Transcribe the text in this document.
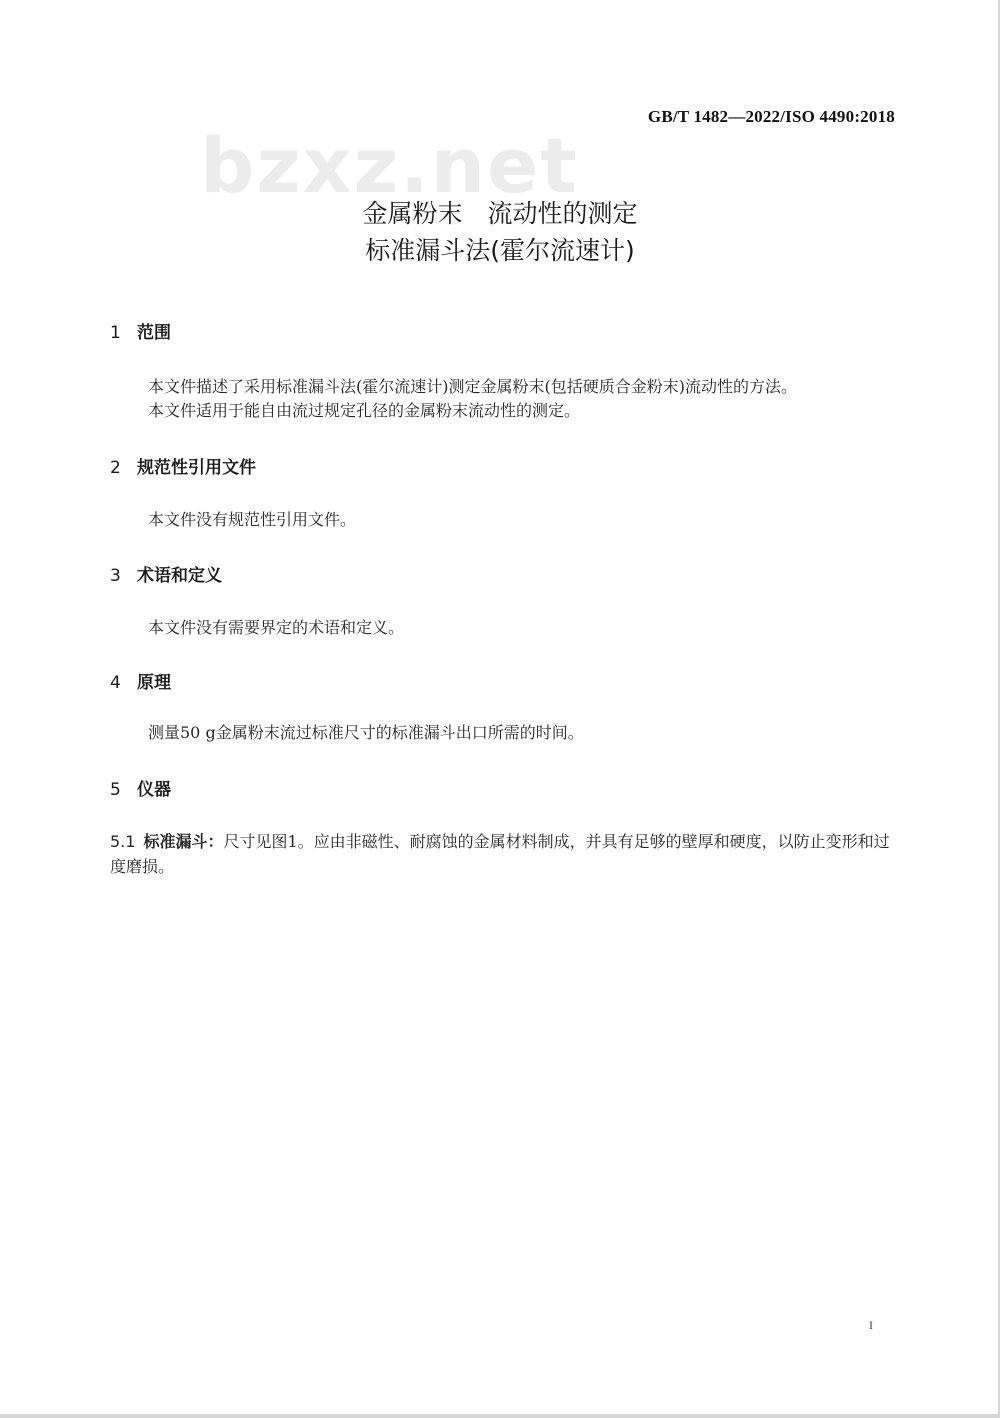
bzxz.net
GB/T 1482—2022/ISO 4490:2018
金属粉末　流动性的测定
标准漏斗法(霍尔流速计)
1 范围
本文件描述了采用标准漏斗法(霍尔流速计)测定金属粉末(包括硬质合金粉末)流动性的方法。
本文件适用于能自由流过规定孔径的金属粉末流动性的测定。
2 规范性引用文件
本文件没有规范性引用文件。
3 术语和定义
本文件没有需要界定的术语和定义。
4 原理
测量50 g金属粉末流过标准尺寸的标准漏斗出口所需的时间。
5 仪器
5.1 标准漏斗：尺寸见图1。应由非磁性、耐腐蚀的金属材料制成，并具有足够的壁厚和硬度，以防止变形和过度磨损。
I
